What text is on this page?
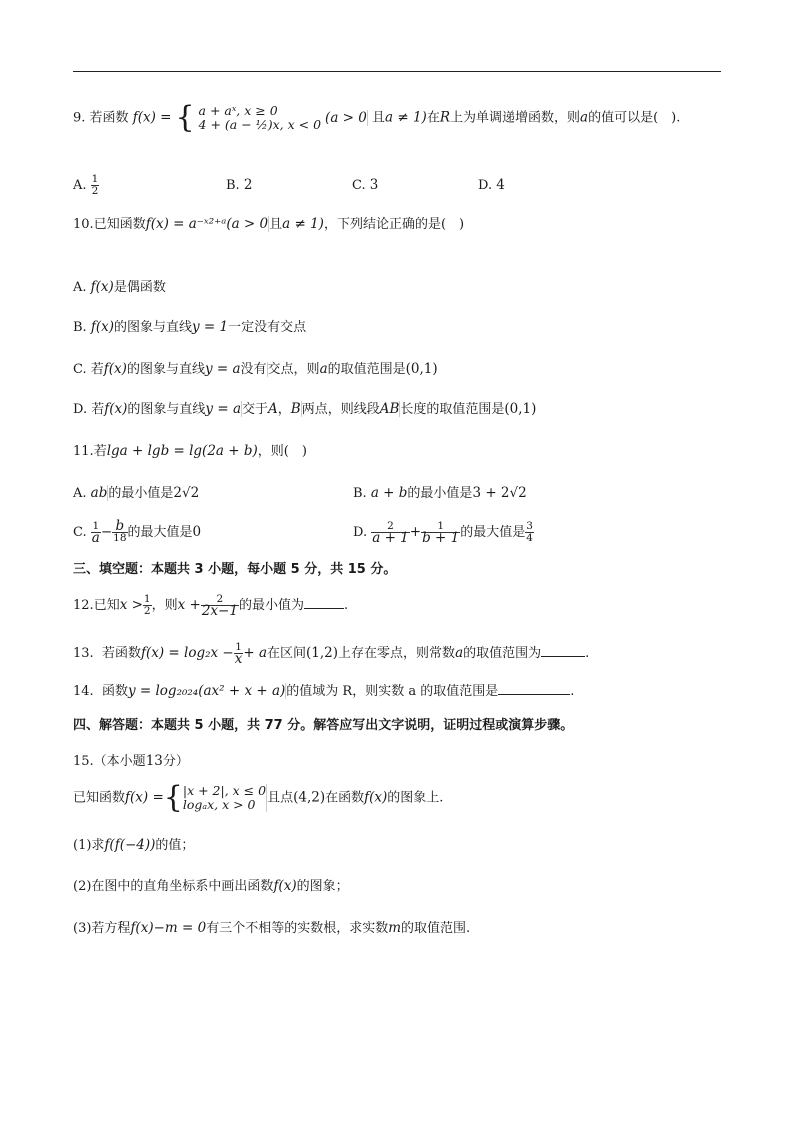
9. 若函数 f(x) = { a + aˣ, x ≥ 0
4 + (a − ½)x, x < 0 (a > 0 且a ≠ 1)在R上为单调递增函数，则a的值可以是(　).
A. $\frac{1}{2}$	B. 2	C. 3	D. 4
10.已知函数f(x) = a⁻ˣ²⁺ᵃ(a > 0且a ≠ 1)，下列结论正确的是(　)
A. f(x)是偶函数
B. f(x)的图象与直线y = 1一定没有交点
C. 若f(x)的图象与直线y = a没有交点，则a的取值范围是(0,1)
D. 若f(x)的图象与直线y = a交于A，B两点，则线段AB长度的取值范围是(0,1)
11.若lga + lgb = lg(2a + b)，则(　)
A. ab的最小值是2√2	B. a + b的最小值是3 + 2√2
C. $\frac{1}{a} - \frac{b}{18}$ 的最大值是0	D. $\frac{2}{a + 1} + \frac{1}{b + 1}$ 的最大值是 $\frac{3}{4}$
三、填空题：本题共 3 小题，每小题 5 分，共 15 分。
12.已知$x > \frac{1}{2}$ ，则$x + \frac{2}{2x-1}$ 的最小值为	.
13. 若函数$f(x) = \log_2x - \frac{1}{x} + a$在区间(1,2)上存在零点，则常数a的取值范围为	.
14. 函数y = log₂₀₂₄(ax² + x + a)的值域为 R，则实数 a 的取值范围是	.
四、解答题：本题共 5 小题，共 77 分。解答应写出文字说明，证明过程或演算步骤。
15.（本小题13分）
已知函数f(x) ={|x + 2|, x ≤ 0
logₐx, x > 0 且点(4,2)在函数f(x)的图象上.
(1)求f(f(−4))的值；
(2)在图中的直角坐标系中画出函数f(x)的图象；
(3)若方程f(x)−m = 0有三个不相等的实数根，求实数m的取值范围.
